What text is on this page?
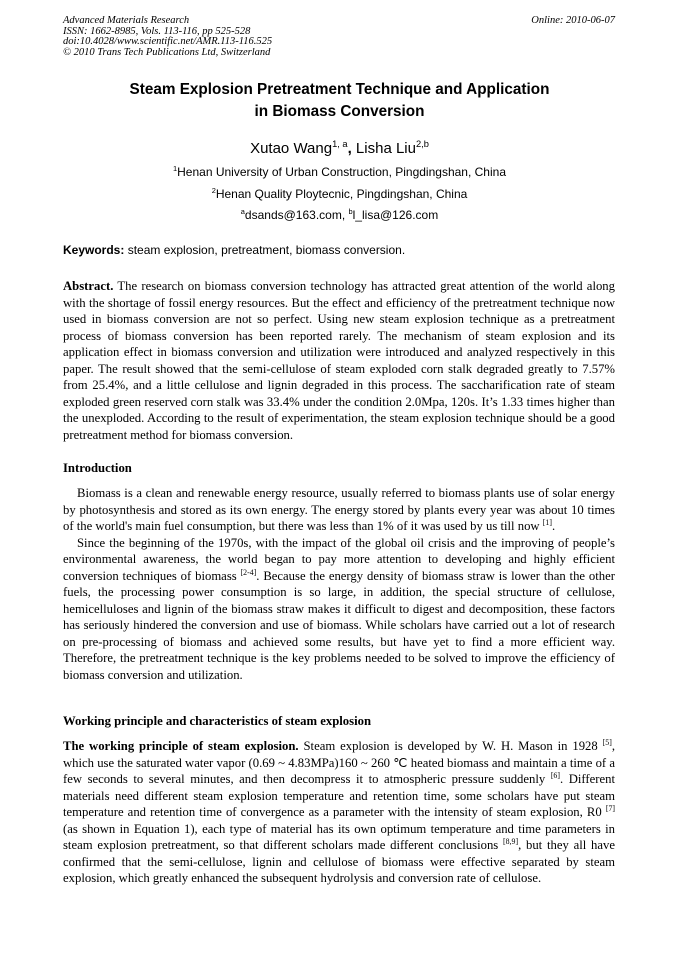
Advanced Materials Research
ISSN: 1662-8985, Vols. 113-116, pp 525-528
doi:10.4028/www.scientific.net/AMR.113-116.525
© 2010 Trans Tech Publications Ltd, Switzerland
Online: 2010-06-07
Steam Explosion Pretreatment Technique and Application
in Biomass Conversion
Xutao Wang$^{1, a}$, Lisha Liu$^{2,b}$
$^1$Henan University of Urban Construction, Pingdingshan, China
$^2$Henan Quality Ploytecnic, Pingdingshan, China
$^a$dsands@163.com, $^b$l_lisa@126.com
Keywords: steam explosion, pretreatment, biomass conversion.
Abstract. The research on biomass conversion technology has attracted great attention of the world along with the shortage of fossil energy resources. But the effect and efficiency of the pretreatment technique now used in biomass conversion are not so perfect. Using new steam explosion technique as a pretreatment process of biomass conversion has been reported rarely. The mechanism of steam explosion and its application effect in biomass conversion and utilization were introduced and analyzed respectively in this paper. The result showed that the semi-cellulose of steam exploded corn stalk degraded greatly to 7.57% from 25.4%, and a little cellulose and lignin degraded in this process. The saccharification rate of steam exploded green reserved corn stalk was 33.4% under the condition 2.0Mpa, 120s. It’s 1.33 times higher than the unexploded. According to the result of experimentation, the steam explosion technique should be a good pretreatment method for biomass conversion.
Introduction
Biomass is a clean and renewable energy resource, usually referred to biomass plants use of solar energy by photosynthesis and stored as its own energy. The energy stored by plants every year was about 10 times of the world's main fuel consumption, but there was less than 1% of it was used by us till now [1].
Since the beginning of the 1970s, with the impact of the global oil crisis and the improving of people’s environmental awareness, the world began to pay more attention to developing and highly efficient conversion techniques of biomass [2-4]. Because the energy density of biomass straw is lower than the other fuels, the processing power consumption is so large, in addition, the special structure of cellulose, hemicelluloses and lignin of the biomass straw makes it difficult to digest and decomposition, these factors has seriously hindered the conversion and use of biomass. While scholars have carried out a lot of research on pre-processing of biomass and achieved some results, but have yet to find a more efficient way. Therefore, the pretreatment technique is the key problems needed to be solved to improve the efficiency of biomass conversion and utilization.
Working principle and characteristics of steam explosion
The working principle of steam explosion. Steam explosion is developed by W. H. Mason in 1928 [5], which use the saturated water vapor (0.69 ~ 4.83MPa)160 ~ 260 ℃ heated biomass and maintain a time of a few seconds to several minutes, and then decompress it to atmospheric pressure suddenly [6]. Different materials need different steam explosion temperature and retention time, some scholars have put steam temperature and retention time of convergence as a parameter with the intensity of steam explosion, R0 [7] (as shown in Equation 1), each type of material has its own optimum temperature and time parameters in steam explosion pretreatment, so that different scholars made different conclusions [8,9], but they all have confirmed that the semi-cellulose, lignin and cellulose of biomass were effective separated by steam explosion, which greatly enhanced the subsequent hydrolysis and conversion rate of cellulose.
